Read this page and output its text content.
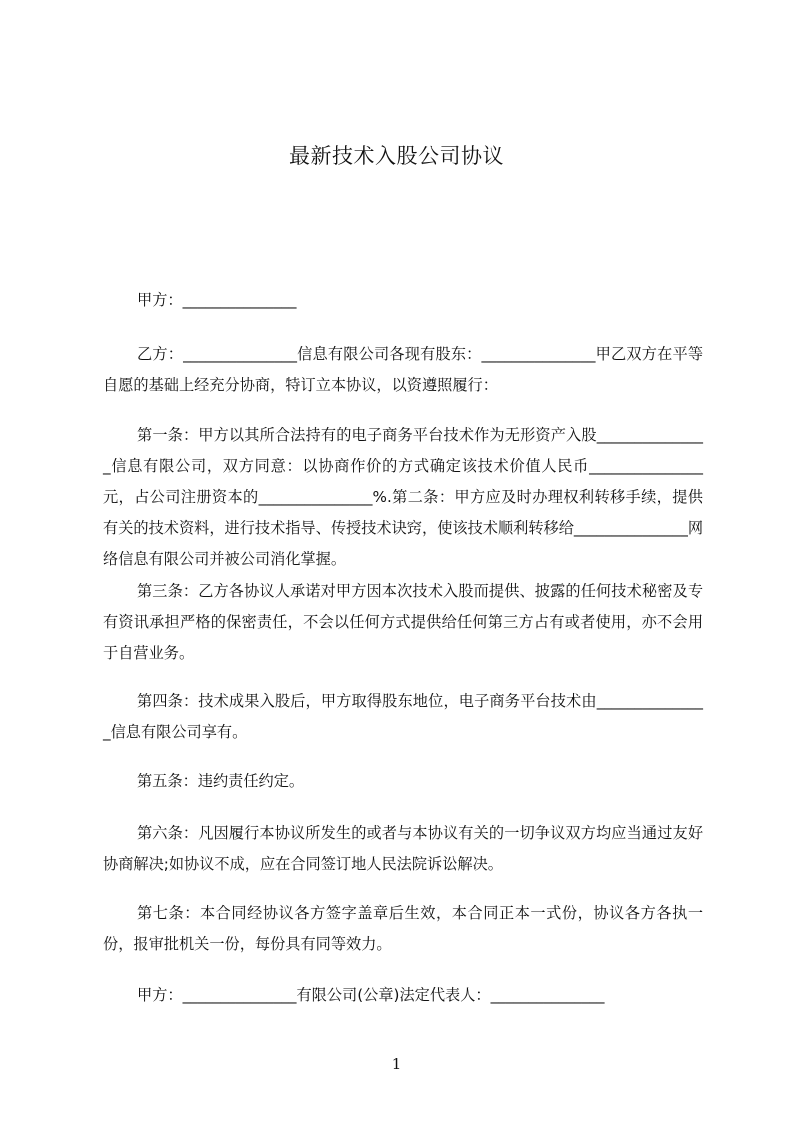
最新技术入股公司协议

甲方：_______________

乙方：_______________信息有限公司各现有股东：_______________甲乙双方在平等自愿的基础上经充分协商，特订立本协议，以资遵照履行：

第一条：甲方以其所合法持有的电子商务平台技术作为无形资产入股_______________信息有限公司，双方同意：以协商作价的方式确定该技术价值人民币_______________元，占公司注册资本的_______________%.第二条：甲方应及时办理权利转移手续，提供有关的技术资料，进行技术指导、传授技术诀窍，使该技术顺利转移给_______________网络信息有限公司并被公司消化掌握。

第三条：乙方各协议人承诺对甲方因本次技术入股而提供、披露的任何技术秘密及专有资讯承担严格的保密责任，不会以任何方式提供给任何第三方占有或者使用，亦不会用于自营业务。

第四条：技术成果入股后，甲方取得股东地位，电子商务平台技术由_______________信息有限公司享有。

第五条：违约责任约定。

第六条：凡因履行本协议所发生的或者与本协议有关的一切争议双方均应当通过友好协商解决;如协议不成，应在合同签订地人民法院诉讼解决。

第七条：本合同经协议各方签字盖章后生效，本合同正本一式份，协议各方各执一份，报审批机关一份，每份具有同等效力。

甲方：_______________有限公司(公章)法定代表人：_______________

1
